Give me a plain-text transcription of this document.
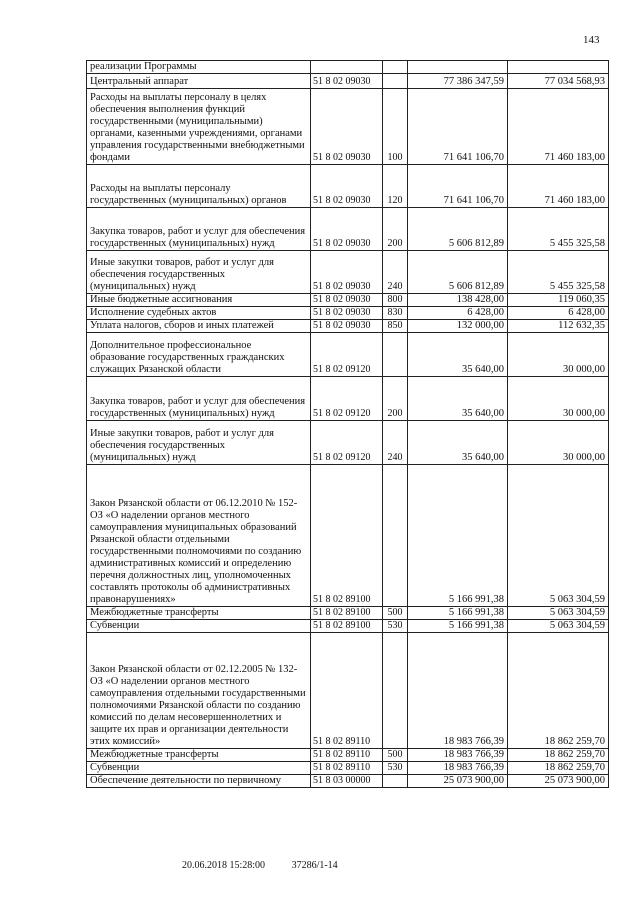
143
реализации Программы				
Центральный аппарат	51 8 02 09030		77 386 347,59	77 034 568,93
Расходы на выплаты персоналу в целях обеспечения выполнения функций государственными (муниципальными) органами, казенными учреждениями, органами управления государственными внебюджетными фондами	51 8 02 09030	100	71 641 106,70	71 460 183,00
Расходы на выплаты персоналу государственных (муниципальных) органов	51 8 02 09030	120	71 641 106,70	71 460 183,00
Закупка товаров, работ и услуг для обеспечения государственных (муниципальных) нужд	51 8 02 09030	200	5 606 812,89	5 455 325,58
Иные закупки товаров, работ и услуг для обеспечения государственных (муниципальных) нужд	51 8 02 09030	240	5 606 812,89	5 455 325,58
Иные бюджетные ассигнования	51 8 02 09030	800	138 428,00	119 060,35
Исполнение судебных актов	51 8 02 09030	830	6 428,00	6 428,00
Уплата налогов, сборов и иных платежей	51 8 02 09030	850	132 000,00	112 632,35
Дополнительное профессиональное образование государственных гражданских служащих Рязанской области	51 8 02 09120		35 640,00	30 000,00
Закупка товаров, работ и услуг для обеспечения государственных (муниципальных) нужд	51 8 02 09120	200	35 640,00	30 000,00
Иные закупки товаров, работ и услуг для обеспечения государственных (муниципальных) нужд	51 8 02 09120	240	35 640,00	30 000,00
Закон Рязанской области от 06.12.2010 № 152-ОЗ «О наделении органов местного самоуправления муниципальных образований Рязанской области отдельными государственными полномочиями по созданию административных комиссий и определению перечня должностных лиц, уполномоченных составлять протоколы об административных правонарушениях»	51 8 02 89100		5 166 991,38	5 063 304,59
Межбюджетные трансферты	51 8 02 89100	500	5 166 991,38	5 063 304,59
Субвенции	51 8 02 89100	530	5 166 991,38	5 063 304,59
Закон Рязанской области от 02.12.2005 № 132-ОЗ «О наделении органов местного самоуправления отдельными государственными полномочиями Рязанской области по созданию комиссий по делам несовершеннолетних и защите их прав и организации деятельности этих комиссий»	51 8 02 89110		18 983 766,39	18 862 259,70
Межбюджетные трансферты	51 8 02 89110	500	18 983 766,39	18 862 259,70
Субвенции	51 8 02 89110	530	18 983 766,39	18 862 259,70
Обеспечение деятельности по первичному	51 8 03 00000		25 073 900,00	25 073 900,00
20.06.2018 15:28:00	37286/1-14
